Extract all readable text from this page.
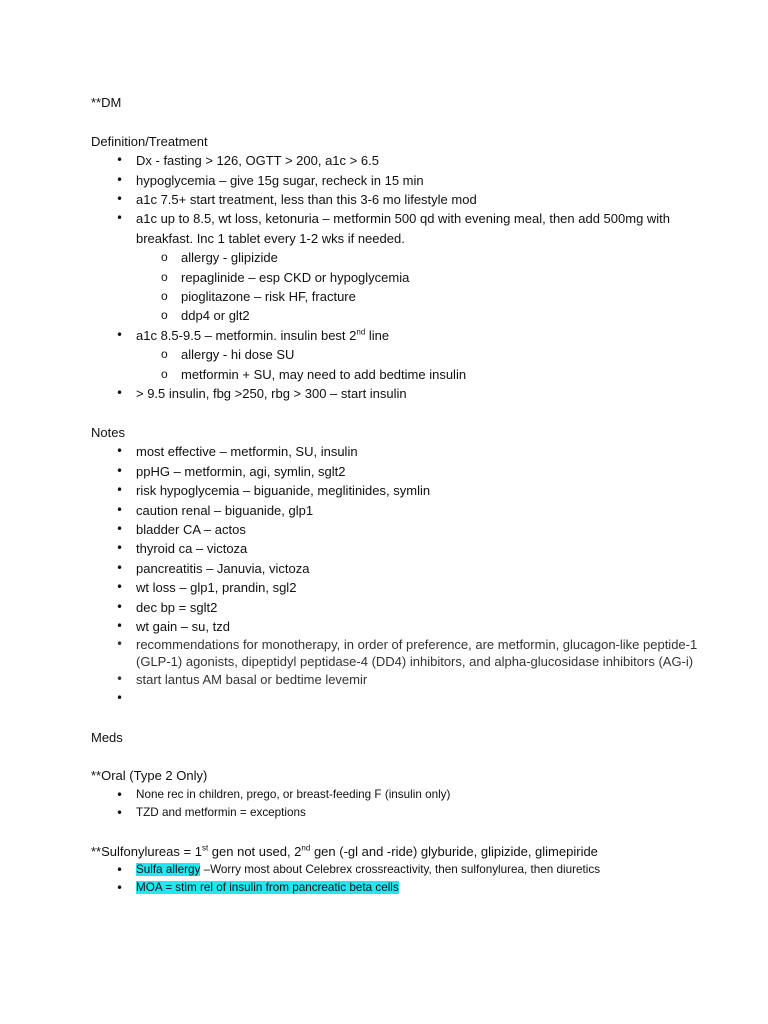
**DM
Definition/Treatment
• Dx - fasting > 126, OGTT > 200, a1c > 6.5
• hypoglycemia – give 15g sugar, recheck in 15 min
• a1c 7.5+ start treatment, less than this 3-6 mo lifestyle mod
• a1c up to 8.5, wt loss, ketonuria – metformin 500 qd with evening meal, then add 500mg with breakfast. Inc 1 tablet every 1-2 wks if needed.
o allergy - glipizide
o repaglinide – esp CKD or hypoglycemia
o pioglitazone – risk HF, fracture
o ddp4 or glt2
• a1c 8.5-9.5 – metformin. insulin best 2nd line
o allergy - hi dose SU
o metformin + SU, may need to add bedtime insulin
• > 9.5 insulin, fbg >250, rbg > 300 – start insulin
Notes
• most effective – metformin, SU, insulin
• ppHG – metformin, agi, symlin, sglt2
• risk hypoglycemia – biguanide, meglitinides, symlin
• caution renal – biguanide, glp1
• bladder CA – actos
• thyroid ca – victoza
• pancreatitis – Januvia, victoza
• wt loss – glp1, prandin, sgl2
• dec bp = sglt2
• wt gain – su, tzd
• recommendations for monotherapy, in order of preference, are metformin, glucagon-like peptide-1 (GLP-1) agonists, dipeptidyl peptidase-4 (DD4) inhibitors, and alpha-glucosidase inhibitors (AG-i)
• start lantus AM basal or bedtime levemir
•
Meds
**Oral (Type 2 Only)
• None rec in children, prego, or breast-feeding F (insulin only)
• TZD and metformin = exceptions
**Sulfonylureas = 1st gen not used, 2nd gen (-gl and -ride) glyburide, glipizide, glimepiride
• Sulfa allergy –Worry most about Celebrex crossreactivity, then sulfonylurea, then diuretics
• MOA = stim rel of insulin from pancreatic beta cells
